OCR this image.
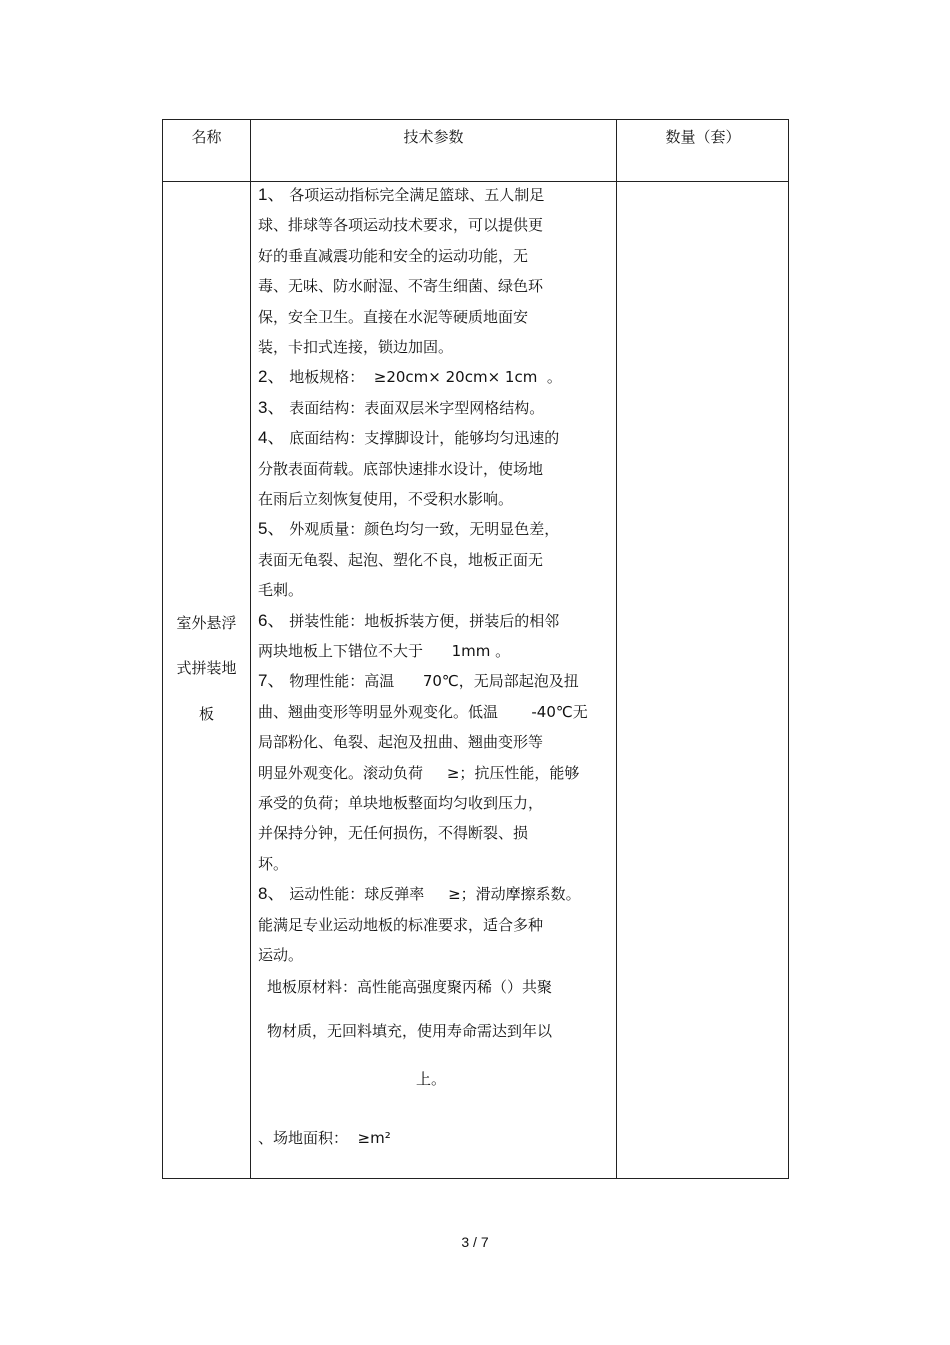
名称	技术参数	数量（套）
室外悬浮
式拼装地
板
1、 各项运动指标完全满足篮球、五人制足
球、排球等各项运动技术要求，可以提供更
好的垂直减震功能和安全的运动功能，无
毒、无味、防水耐湿、不寄生细菌、绿色环
保，安全卫生。直接在水泥等硬质地面安
装，卡扣式连接，锁边加固。
2、 地板规格：  ≥20cm× 20cm× 1cm  。
3、 表面结构：表面双层米字型网格结构。
4、 底面结构：支撑脚设计，能够均匀迅速的
分散表面荷载。底部快速排水设计，使场地
在雨后立刻恢复使用，不受积水影响。
5、 外观质量：颜色均匀一致，无明显色差，
表面无龟裂、起泡、塑化不良，地板正面无
毛刺。
6、 拼装性能：地板拆装方便，拼装后的相邻
两块地板上下错位不大于      1mm 。
7、 物理性能：高温      70℃，无局部起泡及扭
曲、翘曲变形等明显外观变化。低温       -40℃无
局部粉化、龟裂、起泡及扭曲、翘曲变形等
明显外观变化。滚动负荷     ≥；抗压性能，能够
承受的负荷；单块地板整面均匀收到压力，
并保持分钟，无任何损伤，不得断裂、损
坏。
8、 运动性能：球反弹率     ≥；滑动摩擦系数。
能满足专业运动地板的标准要求，适合多种
运动。
地板原材料：高性能高强度聚丙稀（）共聚
物材质，无回料填充，使用寿命需达到年以
上。
、场地面积：  ≥m²
3 / 7
